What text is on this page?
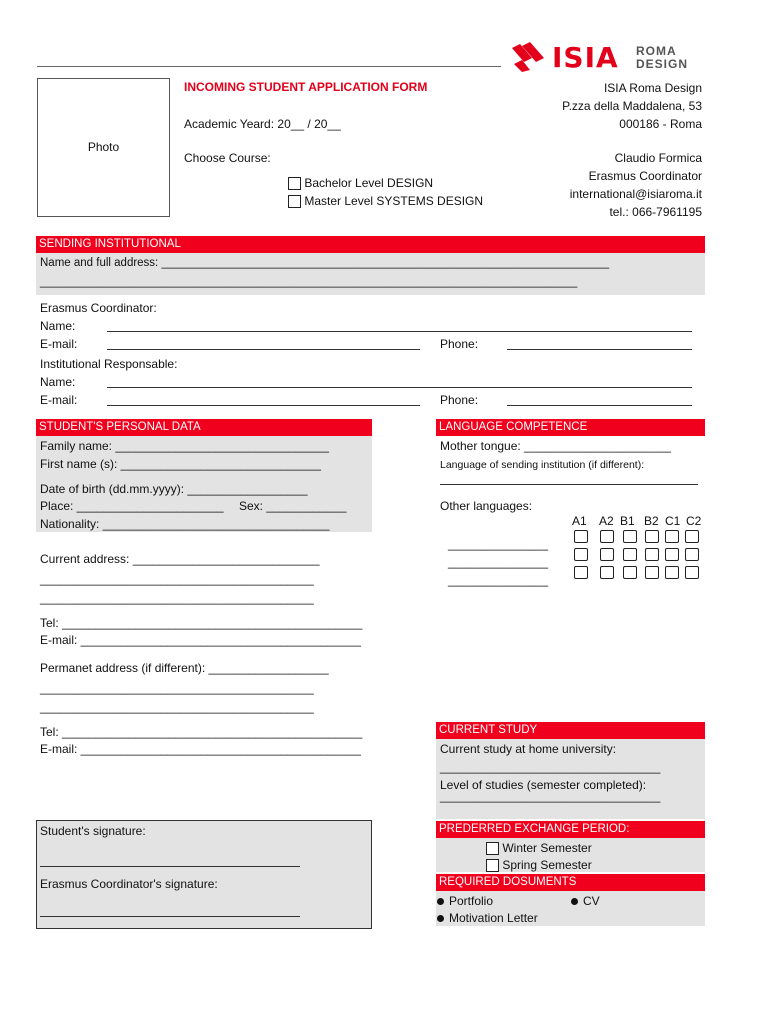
ISIA ROMA
DESIGN
Photo
INCOMING STUDENT APPLICATION FORM
Academic Yeard: 20__ / 20__
Choose Course:
Bachelor Level DESIGN
Master Level SYSTEMS DESIGN
ISIA Roma Design
P.zza della Maddalena, 53
000186 - Roma
Claudio Formica
Erasmus Coordinator
international@isiaroma.it
tel.: 066-7961195
SENDING INSTITUTIONAL
Name and full address: ______________________________________________________________________
____________________________________________________________________________________
Erasmus Coordinator:
Name:
E-mail:	Phone:
Institutional Responsable:
Name:
E-mail:	Phone:
STUDENT'S PERSONAL DATA
Family name: ________________________________
First name (s): ______________________________
Date of birth (dd.mm.yyyy): __________________
Place: ______________________ Sex: ____________
Nationality: __________________________________
Current address: ____________________________
_________________________________________
_________________________________________
Tel: _____________________________________________
E-mail: __________________________________________
Permanet address (if different): __________________
_________________________________________
_________________________________________
Tel: _____________________________________________
E-mail: __________________________________________
LANGUAGE COMPETENCE
Mother tongue: ______________________
Language of sending institution (if different):
Other languages:
A1 A2 B1 B2 C1 C2
_______________
_______________
_______________
CURRENT STUDY
Current study at home university:
_________________________________
Level of studies (semester completed):
_________________________________
PREDERRED EXCHANGE PERIOD:
Winter Semester
Spring Semester
REQUIRED DOSUMENTS
Portfolio	CV
Motivation Letter
Student's signature:
Erasmus Coordinator's signature:
